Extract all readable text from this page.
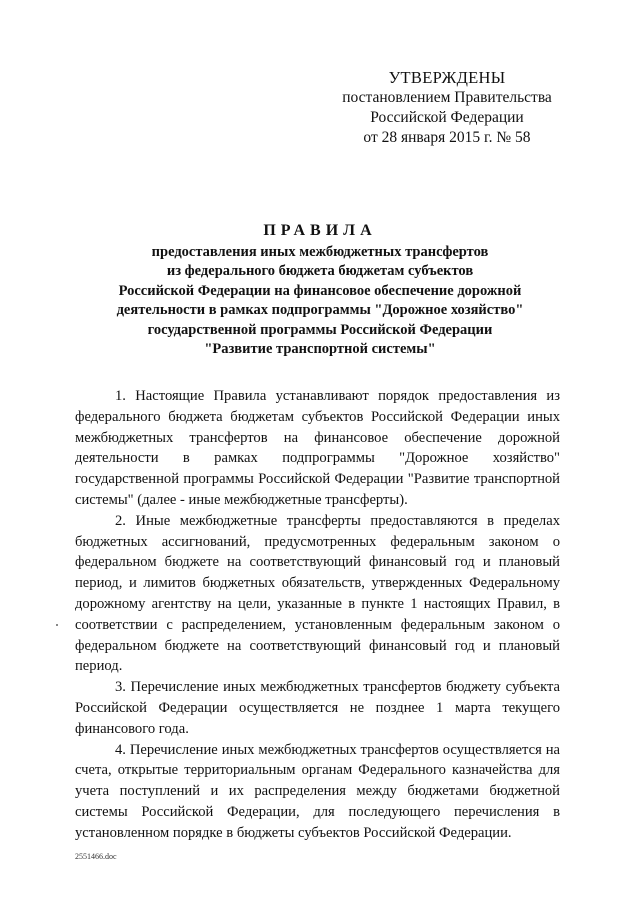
УТВЕРЖДЕНЫ
постановлением Правительства
Российской Федерации
от 28 января 2015 г. № 58
ПРАВИЛА
предоставления иных межбюджетных трансфертов
из федерального бюджета бюджетам субъектов
Российской Федерации на финансовое обеспечение дорожной
деятельности в рамках подпрограммы "Дорожное хозяйство"
государственной программы Российской Федерации
"Развитие транспортной системы"
1. Настоящие Правила устанавливают порядок предоставления из федерального бюджета бюджетам субъектов Российской Федерации иных межбюджетных трансфертов на финансовое обеспечение дорожной деятельности в рамках подпрограммы "Дорожное хозяйство" государственной программы Российской Федерации "Развитие транспортной системы" (далее - иные межбюджетные трансферты).
2. Иные межбюджетные трансферты предоставляются в пределах бюджетных ассигнований, предусмотренных федеральным законом о федеральном бюджете на соответствующий финансовый год и плановый период, и лимитов бюджетных обязательств, утвержденных Федеральному дорожному агентству на цели, указанные в пункте 1 настоящих Правил, в соответствии с распределением, установленным федеральным законом о федеральном бюджете на соответствующий финансовый год и плановый период.
3. Перечисление иных межбюджетных трансфертов бюджету субъекта Российской Федерации осуществляется не позднее 1 марта текущего финансового года.
4. Перечисление иных межбюджетных трансфертов осуществляется на счета, открытые территориальным органам Федерального казначейства для учета поступлений и их распределения между бюджетами бюджетной системы Российской Федерации, для последующего перечисления в установленном порядке в бюджеты субъектов Российской Федерации.
2551466.doc
